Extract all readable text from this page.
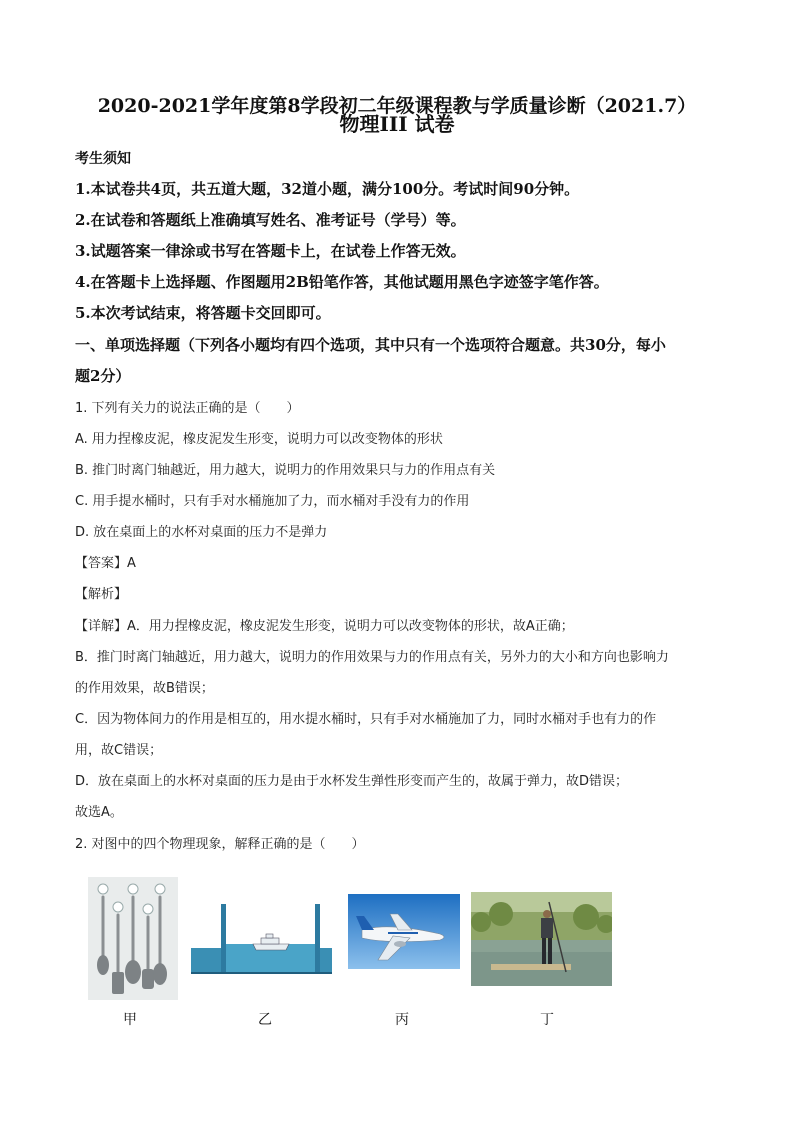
2020-2021学年度第8学段初二年级课程教与学质量诊断（2021.7）
物理III 试卷
考生须知
1.本试卷共4页，共五道大题，32道小题，满分100分。考试时间90分钟。
2.在试卷和答题纸上准确填写姓名、准考证号（学号）等。
3.试题答案一律涂或书写在答题卡上，在试卷上作答无效。
4.在答题卡上选择题、作图题用2B铅笔作答，其他试题用黑色字迹签字笔作答。
5.本次考试结束，将答题卡交回即可。
一、单项选择题（下列各小题均有四个选项，其中只有一个选项符合题意。共30分，每小
题2分）
1. 下列有关力的说法正确的是（　　）
A. 用力捏橡皮泥，橡皮泥发生形变，说明力可以改变物体的形状
B. 推门时离门轴越近，用力越大，说明力的作用效果只与力的作用点有关
C. 用手提水桶时，只有手对水桶施加了力，而水桶对手没有力的作用
D. 放在桌面上的水杯对桌面的压力不是弹力
【答案】A
【解析】
【详解】A．用力捏橡皮泥，橡皮泥发生形变，说明力可以改变物体的形状，故A正确；
B．推门时离门轴越近，用力越大，说明力的作用效果与力的作用点有关，另外力的大小和方向也影响力
的作用效果，故B错误；
C．因为物体间力的作用是相互的，用水提水桶时，只有手对水桶施加了力，同时水桶对手也有力的作
用，故C错误；
D．放在桌面上的水杯对桌面的压力是由于水杯发生弹性形变而产生的，故属于弹力，故D错误；
故选A。
2. 对图中的四个物理现象，解释正确的是（　　）
甲	乙	丙	丁
